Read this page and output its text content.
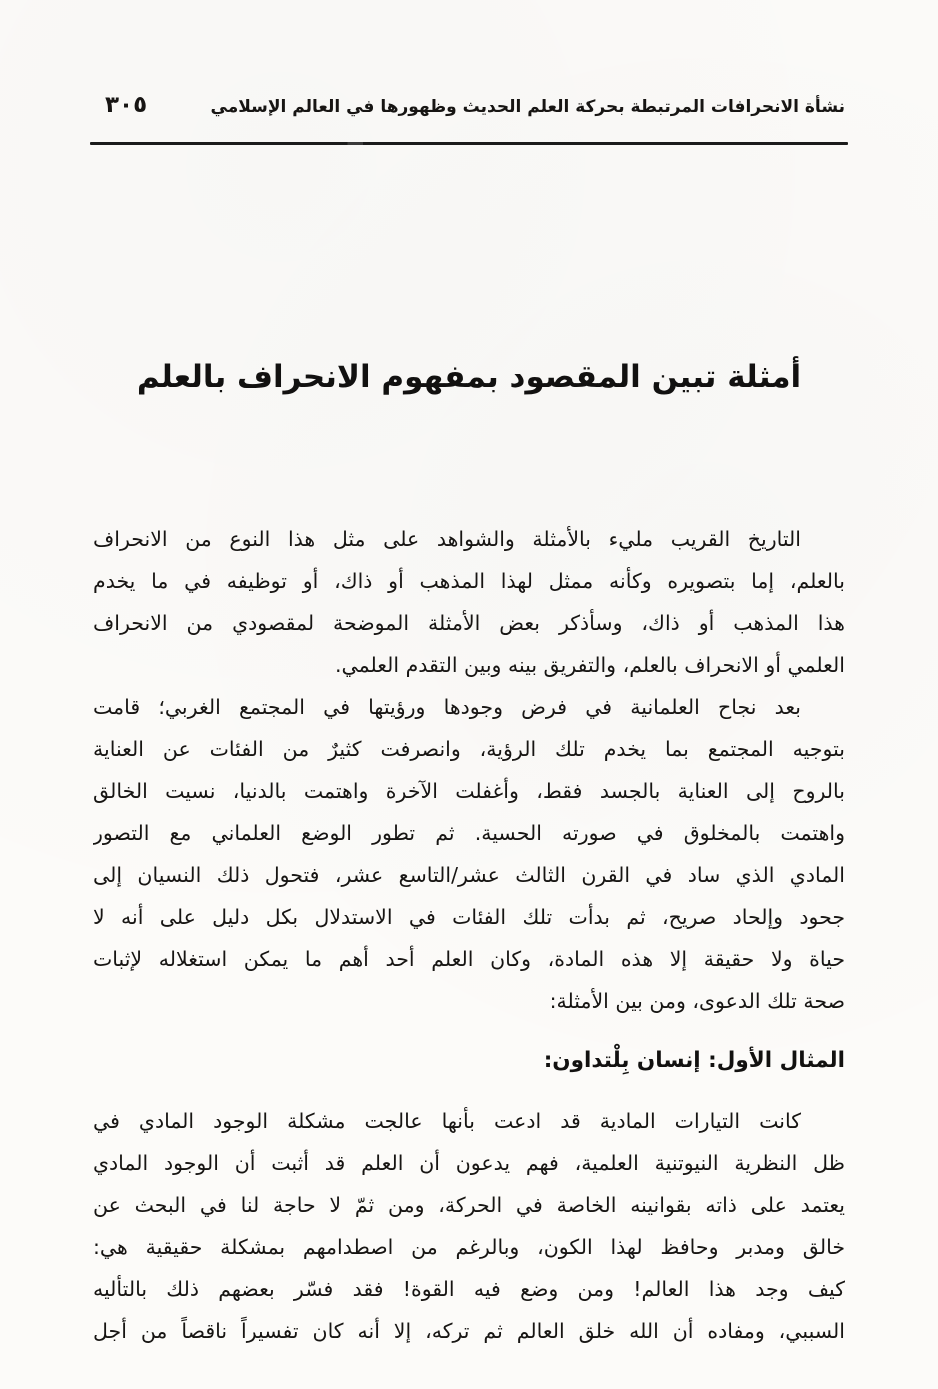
نشأة الانحرافات المرتبطة بحركة العلم الحديث وظهورها في العالم الإسلامي
٣٠٥
أمثلة تبين المقصود بمفهوم الانحراف بالعلم

التاريخ القريب مليء بالأمثلة والشواهد على مثل هذا النوع من الانحراف
بالعلم، إما بتصويره وكأنه ممثل لهذا المذهب أو ذاك، أو توظيفه في ما يخدم
هذا المذهب أو ذاك، وسأذكر بعض الأمثلة الموضحة لمقصودي من الانحراف
العلمي أو الانحراف بالعلم، والتفريق بينه وبين التقدم العلمي.

بعد نجاح العلمانية في فرض وجودها ورؤيتها في المجتمع الغربي؛ قامت
بتوجيه المجتمع بما يخدم تلك الرؤية، وانصرفت كثيرٌ من الفئات عن العناية
بالروح إلى العناية بالجسد فقط، وأغفلت الآخرة واهتمت بالدنيا، نسيت الخالق
واهتمت بالمخلوق في صورته الحسية. ثم تطور الوضع العلماني مع التصور
المادي الذي ساد في القرن الثالث عشر/التاسع عشر، فتحول ذلك النسيان إلى
جحود وإلحاد صريح، ثم بدأت تلك الفئات في الاستدلال بكل دليل على أنه لا
حياة ولا حقيقة إلا هذه المادة، وكان العلم أحد أهم ما يمكن استغلاله لإثبات
صحة تلك الدعوى، ومن بين الأمثلة:

المثال الأول: إنسان بِلْتداون:

كانت التيارات المادية قد ادعت بأنها عالجت مشكلة الوجود المادي في
ظل النظرية النيوتنية العلمية، فهم يدعون أن العلم قد أثبت أن الوجود المادي
يعتمد على ذاته بقوانينه الخاصة في الحركة، ومن ثمّ لا حاجة لنا في البحث عن
خالق ومدبر وحافظ لهذا الكون، وبالرغم من اصطدامهم بمشكلة حقيقية هي:
كيف وجد هذا العالم! ومن وضع فيه القوة! فقد فسّر بعضهم ذلك بالتأليه
السببي، ومفاده أن الله خلق العالم ثم تركه، إلا أنه كان تفسيراً ناقصاً من أجل
